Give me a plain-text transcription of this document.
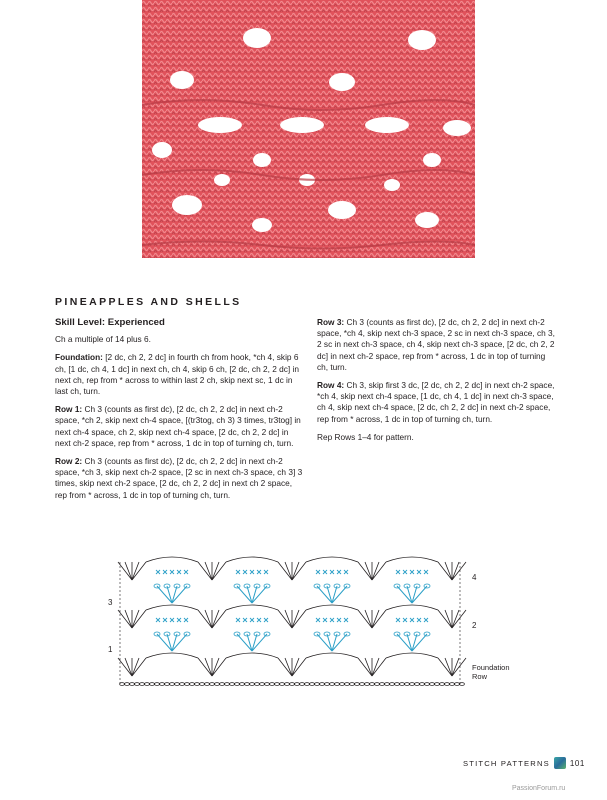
PINEAPPLES AND SHELLS

Skill Level: Experienced

Ch a multiple of 14 plus 6.

Foundation: [2 dc, ch 2, 2 dc] in fourth ch from hook, *ch 4, skip 6 ch, [1 dc, ch 4, 1 dc] in next ch, ch 4, skip 6 ch, [2 dc, ch 2, 2 dc] in next ch, rep from * across to within last 2 ch, skip next sc, 1 dc in last ch, turn.

Row 1: Ch 3 (counts as first dc), [2 dc, ch 2, 2 dc] in next ch-2 space, *ch 2, skip next ch-4 space, [(tr3tog, ch 3) 3 times, tr3tog] in next ch-4 space, ch 2, skip next ch-4 space, [2 dc, ch 2, 2 dc] in next ch-2 space, rep from * across, 1 dc in top of turning ch, turn.

Row 2: Ch 3 (counts as first dc), [2 dc, ch 2, 2 dc] in next ch-2 space, *ch 3, skip next ch-2 space, [2 sc in next ch-3 space, ch 3] 3 times, skip next ch-2 space, [2 dc, ch 2, 2 dc] in next ch 2 space, rep from * across, 1 dc in top of turning ch, turn.

Row 3: Ch 3 (counts as first dc), [2 dc, ch 2, 2 dc] in next ch-2 space, *ch 4, skip next ch-3 space, 2 sc in next ch-3 space, ch 3, 2 sc in next ch-3 space, ch 4, skip next ch-3 space, [2 dc, ch 2, 2 dc] in next ch-2 space, rep from * across, 1 dc in top of turning ch, turn.

Row 4: Ch 3, skip first 3 dc, [2 dc, ch 2, 2 dc] in next ch-2 space, *ch 4, skip next ch-4 space, [1 dc, ch 4, 1 dc] in next ch-3 space, ch 4, skip next ch-4 space, [2 dc, ch 2, 2 dc] in next ch-2 space, rep from * across, 1 dc in top of turning ch, turn.

Rep Rows 1–4 for pattern.

3
1
4
2
Foundation
Row
STITCH PATTERNS	101
PassionForum.ru
